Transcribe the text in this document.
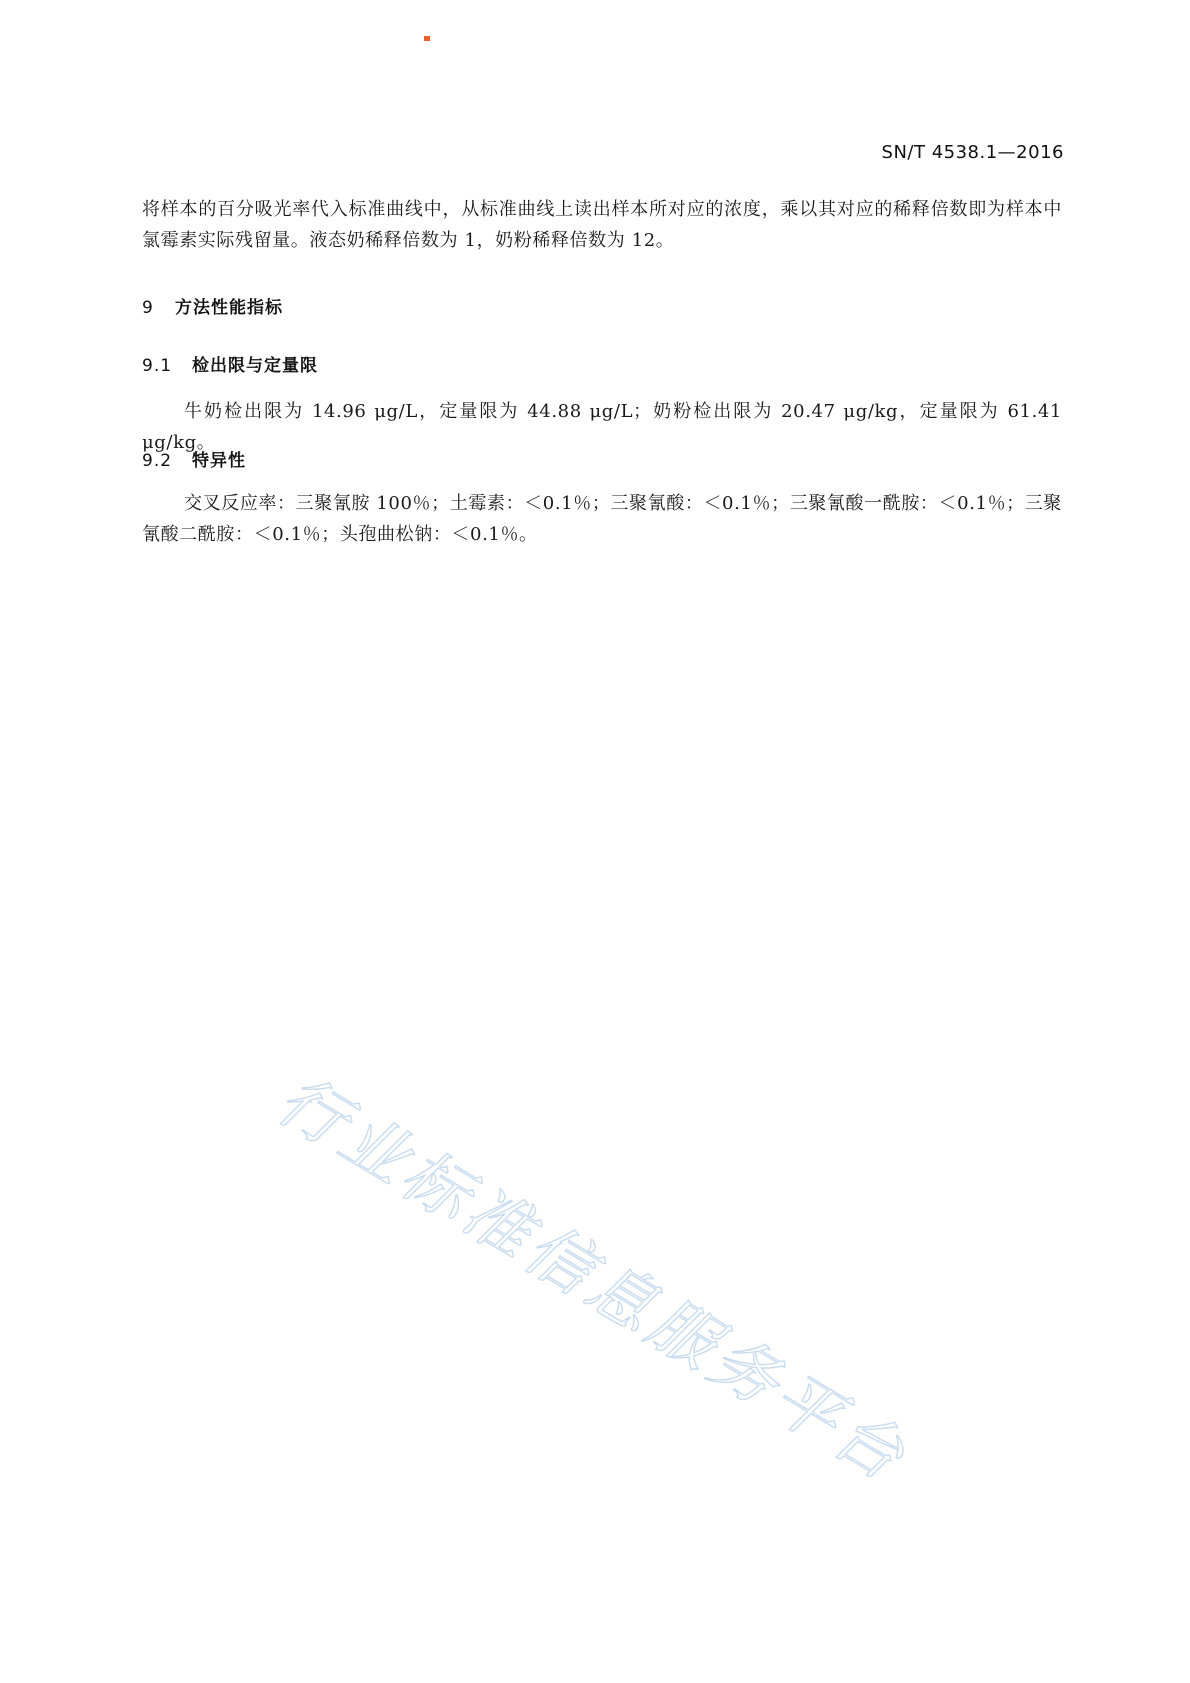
SN/T 4538.1—2016
将样本的百分吸光率代入标准曲线中，从标准曲线上读出样本所对应的浓度，乘以其对应的稀释倍数即为样本中氯霉素实际残留量。液态奶稀释倍数为 1，奶粉稀释倍数为 12。
9 方法性能指标
9.1 检出限与定量限
牛奶检出限为 14.96 μg/L，定量限为 44.88 μg/L；奶粉检出限为 20.47 μg/kg，定量限为 61.41 μg/kg。
9.2 特异性
交叉反应率：三聚氰胺 100％；土霉素：＜0.1％；三聚氰酸：＜0.1％；三聚氰酸一酰胺：＜0.1％；三聚氰酸二酰胺：＜0.1％；头孢曲松钠：＜0.1％。
行业标准信息服务平台
